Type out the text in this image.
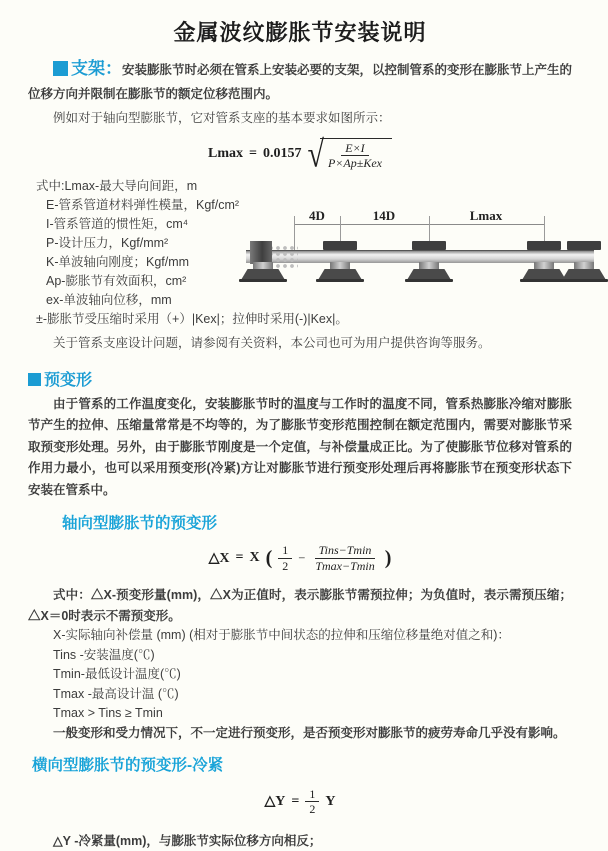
金属波纹膨胀节安装说明

支架：安装膨胀节时必须在管系上安装必要的支架，以控制管系的变形在膨胀节上产生的位移方向并限制在膨胀节的额定位移范围内。

例如对于轴向型膨胀节，它对管系支座的基本要求如图所示：

Lmax = 0.0157 √ $\frac{E\times I}{\text{P×Ap±Kex}}$
式中:Lmax-最大导向间距，m
E-管系管道材料弹性模量，Kgf/cm²
I-管系管道的惯性矩，cm⁴
P-设计压力，Kgf/mm²
K-单波轴向刚度；Kgf/mm
Ap-膨胀节有效面积，cm²
ex-单波轴向位移，mm
±-膨胀节受压缩时采用（+）|Kex|；拉伸时采用(-)|Kex|。

关于管系支座设计问题，请参阅有关资料，本公司也可为用户提供咨询等服务。

4D	14D	Lmax
预变形

由于管系的工作温度变化，安装膨胀节时的温度与工作时的温度不同，管系热膨胀冷缩对膨胀节产生的拉伸、压缩量常常是不均等的，为了膨胀节变形范围控制在额定范围内，需要对膨胀节采取预变形处理。另外，由于膨胀节刚度是一个定值，与补偿量成正比。为了使膨胀节位移对管系的作用力最小，也可以采用预变形(冷紧)方让对膨胀节进行预变形处理后再将膨胀节在预变形状态下安装在管系中。

轴向型膨胀节的预变形
△X = X ( $\frac{1}{2} - \frac{\text{Tins−Tmin}}{Tmax-Tmin}$ )

式中：△X-预变形量(mm)，△X为正值时，表示膨胀节需预拉伸；为负值时，表示需预压缩；△X＝0时表示不需预变形。

X-实际轴向补偿量 (mm) (相对于膨胀节中间状态的拉伸和压缩位移量绝对值之和)：
Tins -安装温度(℃)
Tmin-最低设计温度(℃)
Tmax -最高设计温 (℃)
Tmax > Tins ≥ Tmin

一般变形和受力情况下，不一定进行预变形，是否预变形对膨胀节的疲劳寿命几乎没有影响。

横向型膨胀节的预变形-冷紧
△Y = $\frac{1}{2}$ Y

△Y -冷紧量(mm)，与膨胀节实际位移方向相反；
